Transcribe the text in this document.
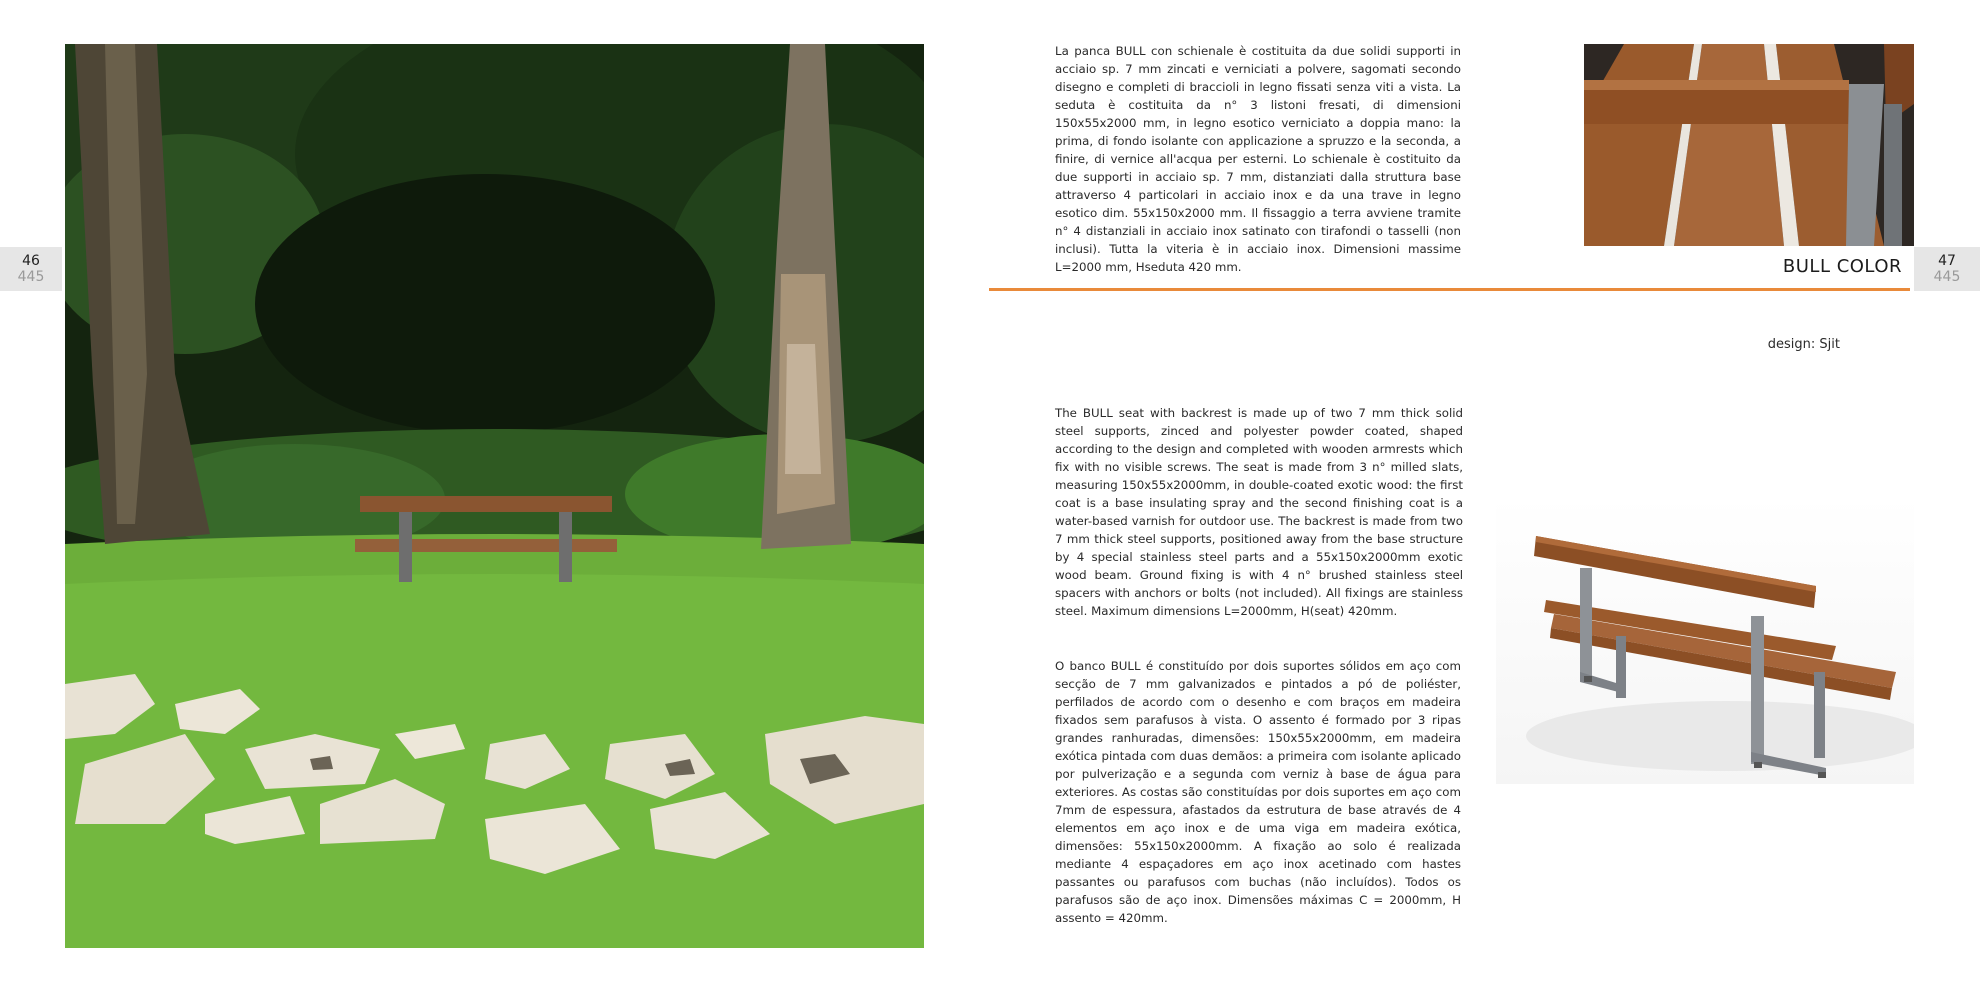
46
445
47
445
La panca BULL con schienale è costituita da due solidi supporti in acciaio sp. 7 mm zincati e verniciati a polvere, sagomati secondo disegno e completi di braccioli in legno fissati senza viti a vista. La seduta è costituita da n° 3 listoni fresati, di dimensioni 150x55x2000 mm, in legno esotico verniciato a doppia mano: la prima, di fondo isolante con applicazione a spruzzo e la seconda, a finire, di vernice all'acqua per esterni. Lo schienale è costituito da due supporti in acciaio sp. 7 mm, distanziati dalla struttura base attraverso 4 particolari in acciaio inox e da una trave in legno esotico dim. 55x150x2000 mm. Il fissaggio a terra avviene tramite n° 4 distanziali in acciaio inox satinato con tirafondi o tasselli (non inclusi). Tutta la viteria è in acciaio inox. Dimensioni massime L=2000 mm, Hseduta 420 mm.	BULL COLOR
design: Sjit
The BULL seat with backrest is made up of two 7 mm thick solid steel supports, zinced and polyester powder coated, shaped according to the design and completed with wooden armrests which fix with no visible screws. The seat is made from 3 n° milled slats, measuring 150x55x2000mm, in double-coated exotic wood: the first coat is a base insulating spray and the second finishing coat is a water-based varnish for outdoor use. The backrest is made from two 7 mm thick steel supports, positioned away from the base structure by 4 special stainless steel parts and a 55x150x2000mm exotic wood beam. Ground fixing is with 4 n° brushed stainless steel spacers with anchors or bolts (not included). All fixings are stainless steel. Maximum dimensions L=2000mm, H(seat) 420mm.
O banco BULL é constituído por dois suportes sólidos em aço com secção de 7 mm galvanizados e pintados a pó de poliéster, perfilados de acordo com o desenho e com braços em madeira fixados sem parafusos à vista. O assento é formado por 3 ripas grandes ranhuradas, dimensões: 150x55x2000mm, em madeira exótica pintada com duas demãos: a primeira com isolante aplicado por pulverização e a segunda com verniz à base de água para exteriores. As costas são constituídas por dois suportes em aço com 7mm de espessura, afastados da estrutura de base através de 4 elementos em aço inox e de uma viga em madeira exótica, dimensões: 55x150x2000mm. A fixação ao solo é realizada mediante 4 espaçadores em aço inox acetinado com hastes passantes ou parafusos com buchas (não incluídos). Todos os parafusos são de aço inox. Dimensões máximas C = 2000mm, H assento = 420mm.
